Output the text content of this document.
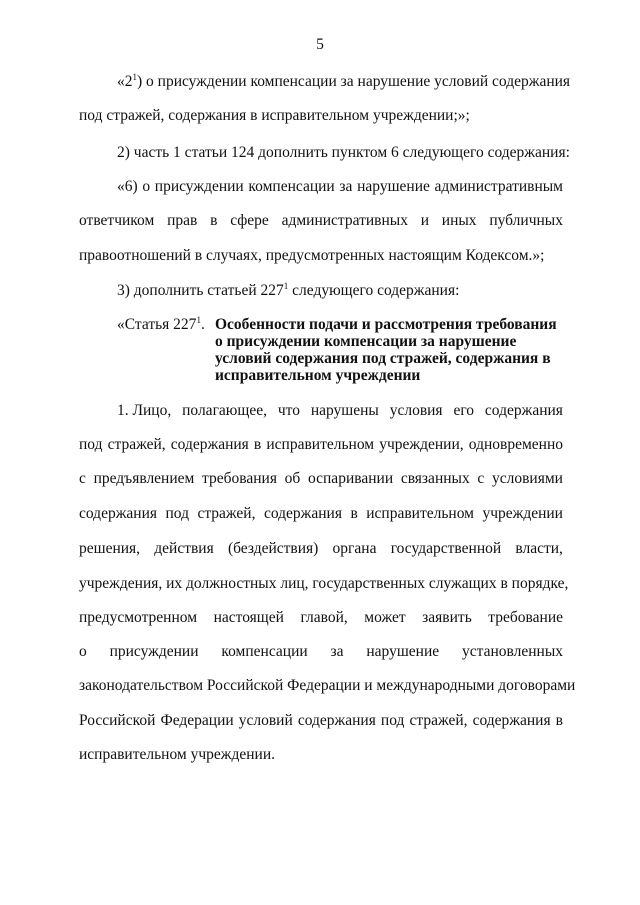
5
«$2^1$) о присуждении компенсации за нарушение условий содержания
под стражей, содержания в исправительном учреждении;»;
2) часть 1 статьи 124 дополнить пунктом 6 следующего содержания:
«6) о присуждении компенсации за нарушение административным
ответчиком прав в сфере административных и иных публичных
правоотношений в случаях, предусмотренных настоящим Кодексом.»;
3) дополнить статьей $227^1$ следующего содержания:
«Статья $227^1$. Особенности подачи и рассмотрения требования о присуждении компенсации за нарушение условий содержания под стражей, содержания в исправительном учреждении
1. Лицо, полагающее, что нарушены условия его содержания
под стражей, содержания в исправительном учреждении, одновременно
с предъявлением требования об оспаривании связанных с условиями
содержания под стражей, содержания в исправительном учреждении
решения, действия (бездействия) органа государственной власти,
учреждения, их должностных лиц, государственных служащих в порядке,
предусмотренном настоящей главой, может заявить требование
о присуждении компенсации за нарушение установленных
законодательством Российской Федерации и международными договорами
Российской Федерации условий содержания под стражей, содержания в
исправительном учреждении.
